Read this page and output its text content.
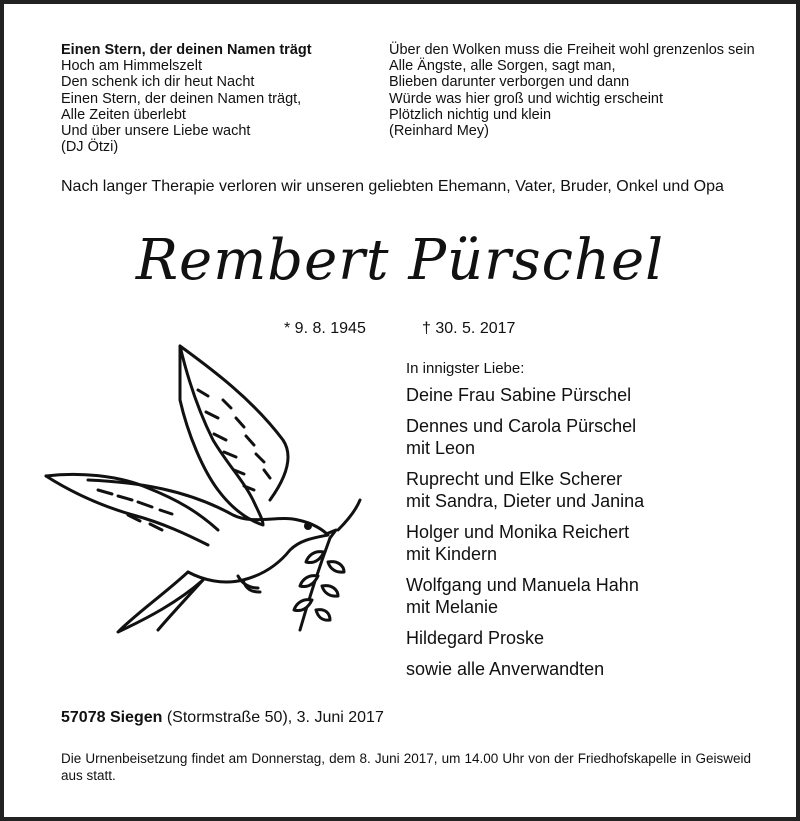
Einen Stern, der deinen Namen trägt
Hoch am Himmelszelt
Den schenk ich dir heut Nacht
Einen Stern, der deinen Namen trägt,
Alle Zeiten überlebt
Und über unsere Liebe wacht
(DJ Ötzi)
Über den Wolken muss die Freiheit wohl grenzenlos sein
Alle Ängste, alle Sorgen, sagt man,
Blieben darunter verborgen und dann
Würde was hier groß und wichtig erscheint
Plötzlich nichtig und klein
(Reinhard Mey)
Nach langer Therapie verloren wir unseren geliebten Ehemann, Vater, Bruder, Onkel und Opa
Rembert Pürschel
* 9. 8. 1945	† 30. 5. 2017
In innigster Liebe:
Deine Frau Sabine Pürschel
Dennes und Carola Pürschel
mit Leon
Ruprecht und Elke Scherer
mit Sandra, Dieter und Janina
Holger und Monika Reichert
mit Kindern
Wolfgang und Manuela Hahn
mit Melanie
Hildegard Proske
sowie alle Anverwandten
57078 Siegen (Stormstraße 50), 3. Juni 2017
Die Urnenbeisetzung findet am Donnerstag, dem 8. Juni 2017, um 14.00 Uhr von der Friedhofskapelle in Geisweid aus statt.
